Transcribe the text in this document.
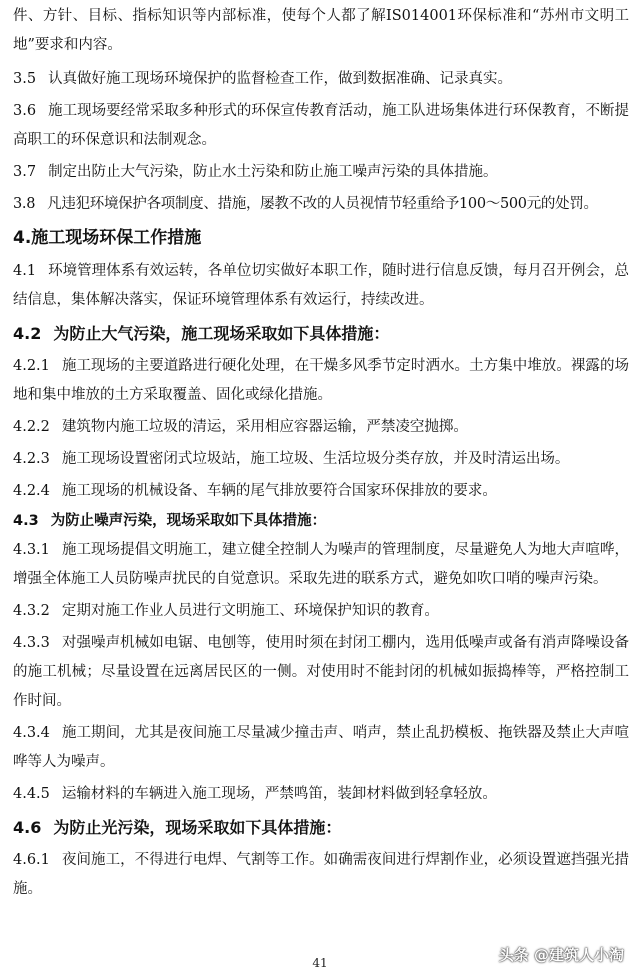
件、方针、目标、指标知识等内部标准，使每个人都了解IS014001环保标准和“苏州市文明工地”要求和内容。

3.5 认真做好施工现场环境保护的监督检查工作，做到数据准确、记录真实。

3.6 施工现场要经常采取多种形式的环保宣传教育活动，施工队进场集体进行环保教育，不断提高职工的环保意识和法制观念。

3.7 制定出防止大气污染，防止水土污染和防止施工噪声污染的具体措施。

3.8 凡违犯环境保护各项制度、措施，屡教不改的人员视情节轻重给予100～500元的处罚。

4.施工现场环保工作措施

4.1 环境管理体系有效运转，各单位切实做好本职工作，随时进行信息反馈，每月召开例会，总结信息，集体解决落实，保证环境管理体系有效运行，持续改进。

4.2 为防止大气污染，施工现场采取如下具体措施：

4.2.1 施工现场的主要道路进行硬化处理，在干燥多风季节定时洒水。土方集中堆放。裸露的场地和集中堆放的土方采取覆盖、固化或绿化措施。

4.2.2 建筑物内施工垃圾的清运，采用相应容器运输，严禁凌空抛掷。

4.2.3 施工现场设置密闭式垃圾站，施工垃圾、生活垃圾分类存放，并及时清运出场。

4.2.4 施工现场的机械设备、车辆的尾气排放要符合国家环保排放的要求。

4.3 为防止噪声污染，现场采取如下具体措施：

4.3.1 施工现场提倡文明施工，建立健全控制人为噪声的管理制度，尽量避免人为地大声喧哗，增强全体施工人员防噪声扰民的自觉意识。采取先进的联系方式，避免如吹口哨的噪声污染。

4.3.2 定期对施工作业人员进行文明施工、环境保护知识的教育。

4.3.3 对强噪声机械如电锯、电刨等，使用时须在封闭工棚内，选用低噪声或备有消声降噪设备的施工机械；尽量设置在远离居民区的一侧。对使用时不能封闭的机械如振捣棒等，严格控制工作时间。

4.3.4 施工期间，尤其是夜间施工尽量减少撞击声、哨声，禁止乱扔模板、拖铁器及禁止大声喧哗等人为噪声。

4.4.5 运输材料的车辆进入施工现场，严禁鸣笛，装卸材料做到轻拿轻放。

4.6 为防止光污染，现场采取如下具体措施：

4.6.1 夜间施工，不得进行电焊、气割等工作。如确需夜间进行焊割作业，必须设置遮挡强光措施。

41	头条 @建筑人小淘
